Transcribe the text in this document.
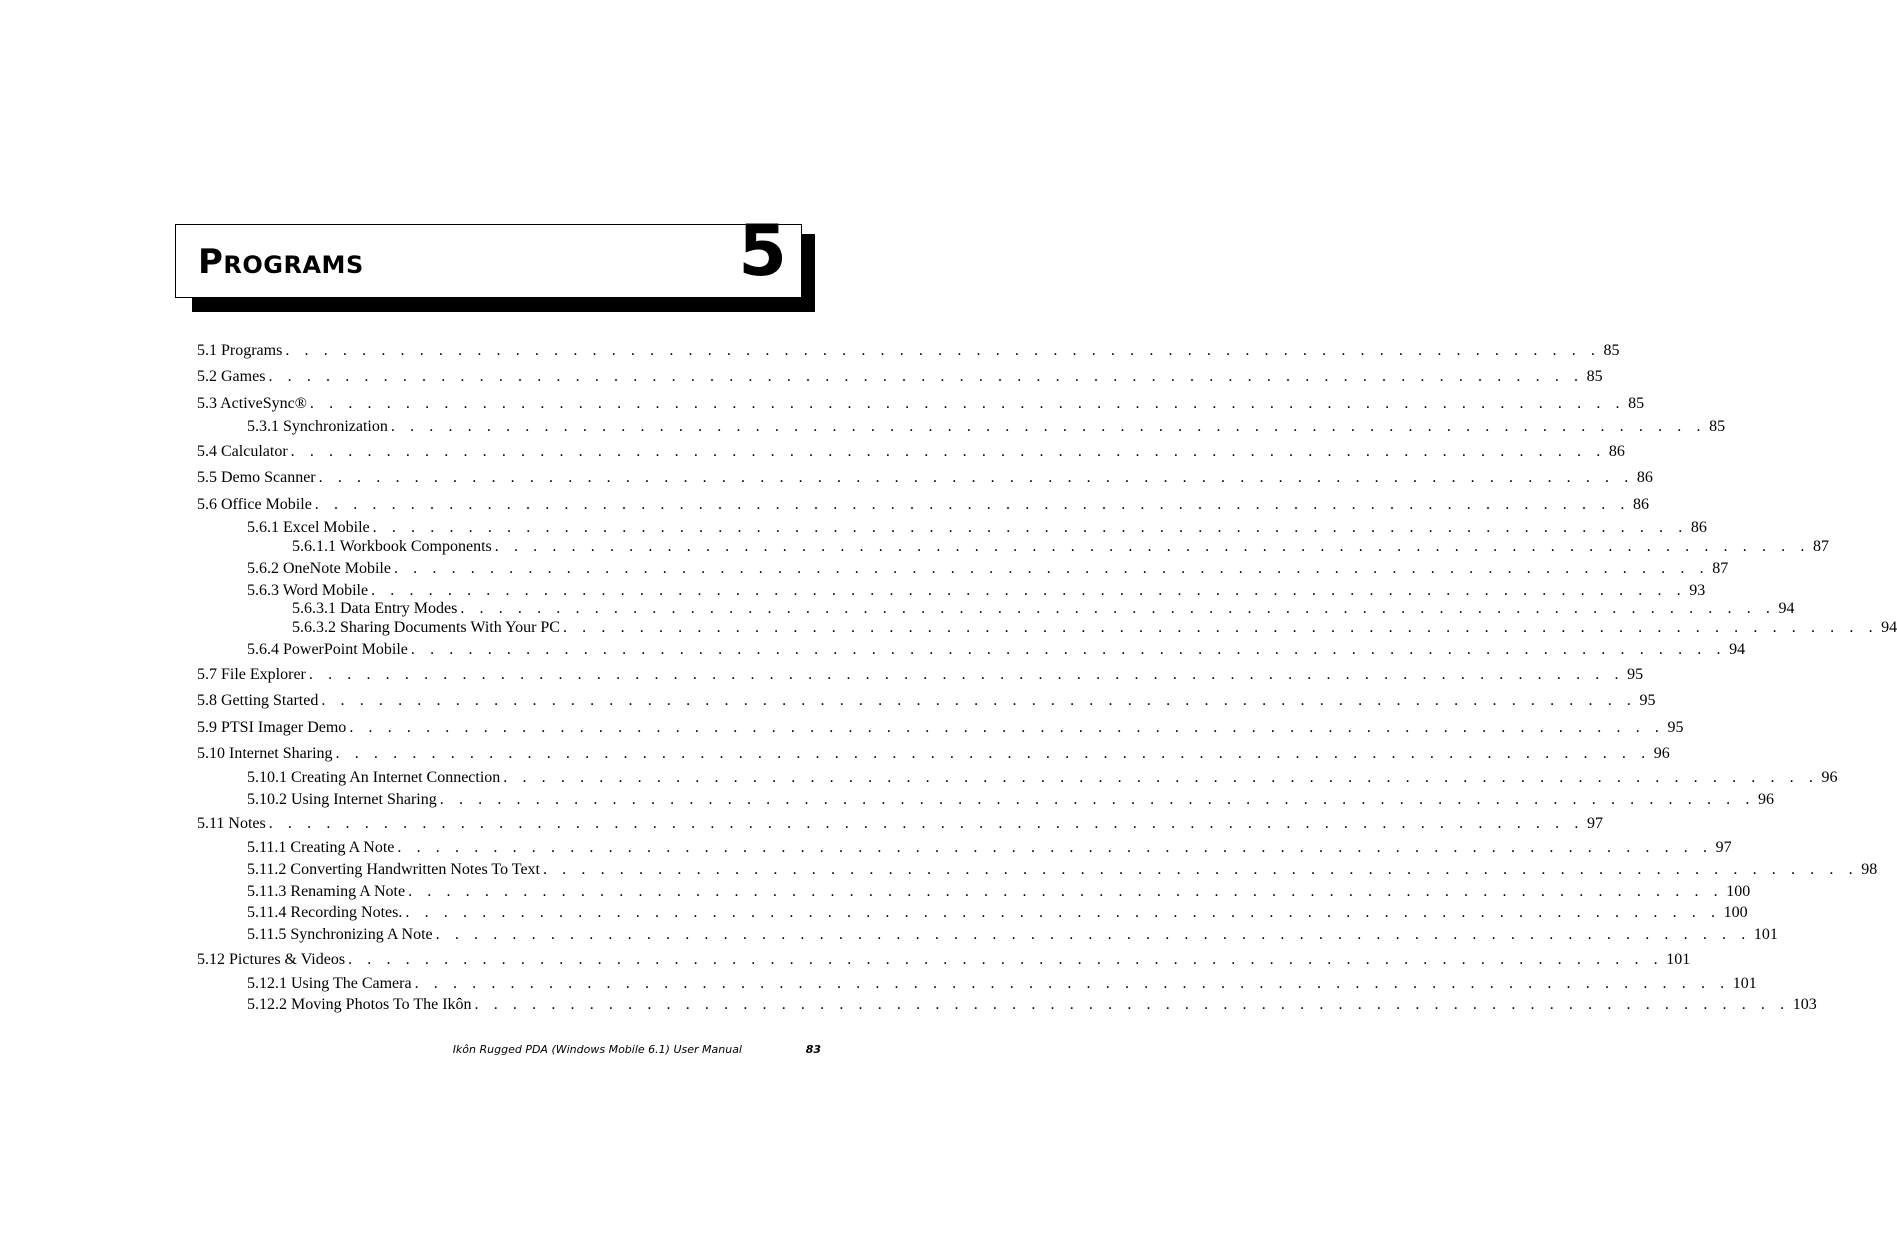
Programs	5
5.1 Programs . . . . . . . . . . . . . . . . . . . . . . . . . . . . . . . . . . . . . . . . . . . . . . . . . . . . . . . . . . . . . . . . . . . . . 85
5.2 Games . . . . . . . . . . . . . . . . . . . . . . . . . . . . . . . . . . . . . . . . . . . . . . . . . . . . . . . . . . . . . . . . . . . . . 85
5.3 ActiveSync® . . . . . . . . . . . . . . . . . . . . . . . . . . . . . . . . . . . . . . . . . . . . . . . . . . . . . . . . . . . . . . . . . . . . . 85
5.3.1 Synchronization . . . . . . . . . . . . . . . . . . . . . . . . . . . . . . . . . . . . . . . . . . . . . . . . . . . . . . . . . . . . . . . . . . . . . 85
5.4 Calculator . . . . . . . . . . . . . . . . . . . . . . . . . . . . . . . . . . . . . . . . . . . . . . . . . . . . . . . . . . . . . . . . . . . . . 86
5.5 Demo Scanner . . . . . . . . . . . . . . . . . . . . . . . . . . . . . . . . . . . . . . . . . . . . . . . . . . . . . . . . . . . . . . . . . . . . . 86
5.6 Office Mobile . . . . . . . . . . . . . . . . . . . . . . . . . . . . . . . . . . . . . . . . . . . . . . . . . . . . . . . . . . . . . . . . . . . . . 86
5.6.1 Excel Mobile . . . . . . . . . . . . . . . . . . . . . . . . . . . . . . . . . . . . . . . . . . . . . . . . . . . . . . . . . . . . . . . . . . . . . 86
5.6.1.1 Workbook Components . . . . . . . . . . . . . . . . . . . . . . . . . . . . . . . . . . . . . . . . . . . . . . . . . . . . . . . . . . . . . . . . . . . . . 87
5.6.2 OneNote Mobile . . . . . . . . . . . . . . . . . . . . . . . . . . . . . . . . . . . . . . . . . . . . . . . . . . . . . . . . . . . . . . . . . . . . . 87
5.6.3 Word Mobile . . . . . . . . . . . . . . . . . . . . . . . . . . . . . . . . . . . . . . . . . . . . . . . . . . . . . . . . . . . . . . . . . . . . . 93
5.6.3.1 Data Entry Modes . . . . . . . . . . . . . . . . . . . . . . . . . . . . . . . . . . . . . . . . . . . . . . . . . . . . . . . . . . . . . . . . . . . . . 94
5.6.3.2 Sharing Documents With Your PC . . . . . . . . . . . . . . . . . . . . . . . . . . . . . . . . . . . . . . . . . . . . . . . . . . . . . . . . . . . . . . . . . . . . . 94
5.6.4 PowerPoint Mobile . . . . . . . . . . . . . . . . . . . . . . . . . . . . . . . . . . . . . . . . . . . . . . . . . . . . . . . . . . . . . . . . . . . . . 94
5.7 File Explorer . . . . . . . . . . . . . . . . . . . . . . . . . . . . . . . . . . . . . . . . . . . . . . . . . . . . . . . . . . . . . . . . . . . . . 95
5.8 Getting Started . . . . . . . . . . . . . . . . . . . . . . . . . . . . . . . . . . . . . . . . . . . . . . . . . . . . . . . . . . . . . . . . . . . . . 95
5.9 PTSI Imager Demo . . . . . . . . . . . . . . . . . . . . . . . . . . . . . . . . . . . . . . . . . . . . . . . . . . . . . . . . . . . . . . . . . . . . . 95
5.10 Internet Sharing . . . . . . . . . . . . . . . . . . . . . . . . . . . . . . . . . . . . . . . . . . . . . . . . . . . . . . . . . . . . . . . . . . . . . 96
5.10.1 Creating An Internet Connection . . . . . . . . . . . . . . . . . . . . . . . . . . . . . . . . . . . . . . . . . . . . . . . . . . . . . . . . . . . . . . . . . . . . . 96
5.10.2 Using Internet Sharing . . . . . . . . . . . . . . . . . . . . . . . . . . . . . . . . . . . . . . . . . . . . . . . . . . . . . . . . . . . . . . . . . . . . . 96
5.11 Notes . . . . . . . . . . . . . . . . . . . . . . . . . . . . . . . . . . . . . . . . . . . . . . . . . . . . . . . . . . . . . . . . . . . . . 97
5.11.1 Creating A Note . . . . . . . . . . . . . . . . . . . . . . . . . . . . . . . . . . . . . . . . . . . . . . . . . . . . . . . . . . . . . . . . . . . . . 97
5.11.2 Converting Handwritten Notes To Text . . . . . . . . . . . . . . . . . . . . . . . . . . . . . . . . . . . . . . . . . . . . . . . . . . . . . . . . . . . . . . . . . . . . . 98
5.11.3 Renaming A Note . . . . . . . . . . . . . . . . . . . . . . . . . . . . . . . . . . . . . . . . . . . . . . . . . . . . . . . . . . . . . . . . . . . . . 100
5.11.4 Recording Notes. . . . . . . . . . . . . . . . . . . . . . . . . . . . . . . . . . . . . . . . . . . . . . . . . . . . . . . . . . . . . . . . . . . . . . 100
5.11.5 Synchronizing A Note . . . . . . . . . . . . . . . . . . . . . . . . . . . . . . . . . . . . . . . . . . . . . . . . . . . . . . . . . . . . . . . . . . . . . 101
5.12 Pictures & Videos . . . . . . . . . . . . . . . . . . . . . . . . . . . . . . . . . . . . . . . . . . . . . . . . . . . . . . . . . . . . . . . . . . . . . 101
5.12.1 Using The Camera . . . . . . . . . . . . . . . . . . . . . . . . . . . . . . . . . . . . . . . . . . . . . . . . . . . . . . . . . . . . . . . . . . . . . 101
5.12.2 Moving Photos To The Ikôn . . . . . . . . . . . . . . . . . . . . . . . . . . . . . . . . . . . . . . . . . . . . . . . . . . . . . . . . . . . . . . . . . . . . . 103
Ikôn Rugged PDA (Windows Mobile 6.1) User Manual	83
